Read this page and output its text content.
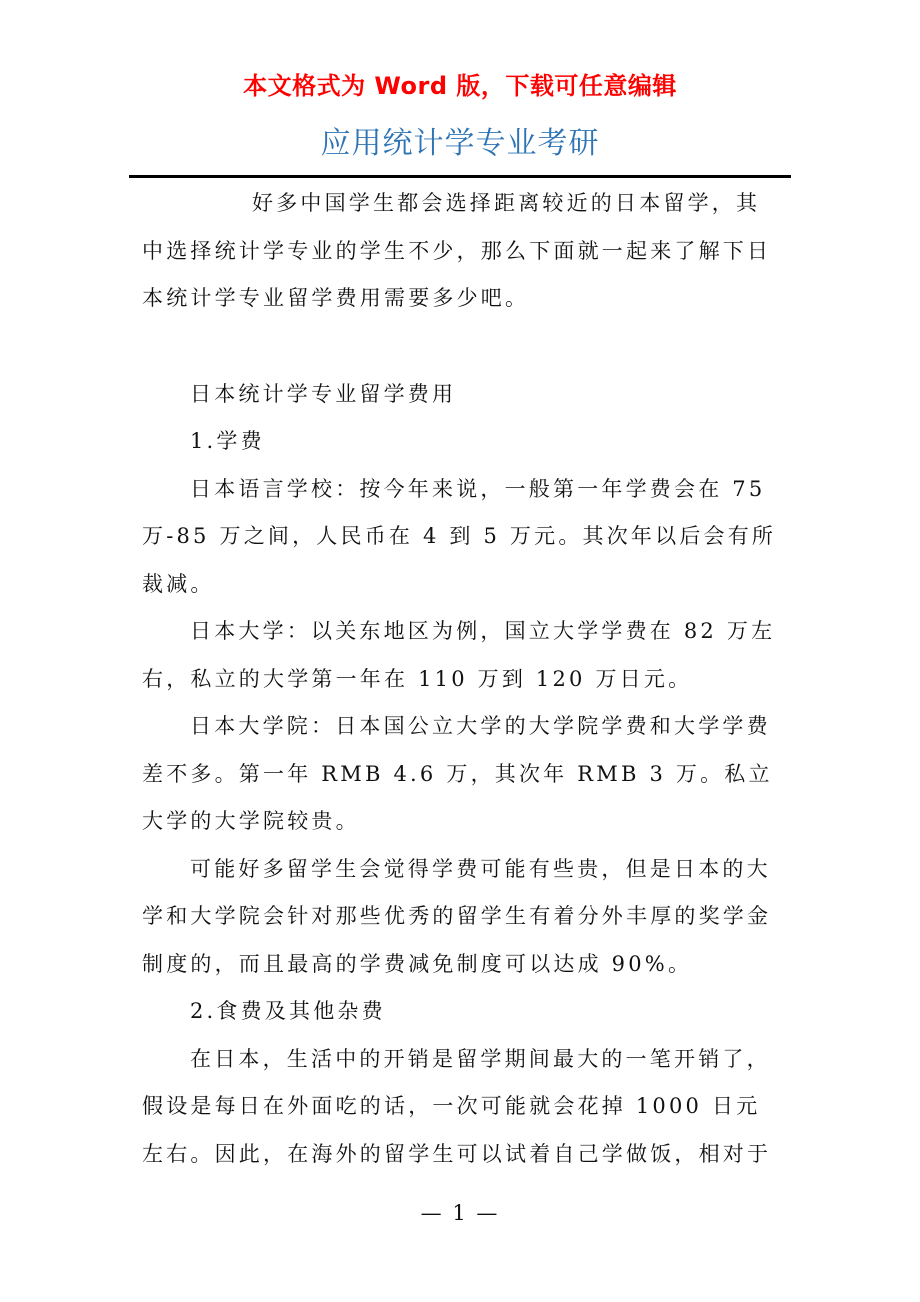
本文格式为 Word 版，下载可任意编辑
应用统计学专业考研

好多中国学生都会选择距离较近的日本留学，其中选择统计学专业的学生不少，那么下面就一起来了解下日本统计学专业留学费用需要多少吧。

日本统计学专业留学费用

1.学费

日本语言学校：按今年来说，一般第一年学费会在 75 万-85 万之间，人民币在 4 到 5 万元。其次年以后会有所裁减。

日本大学：以关东地区为例，国立大学学费在 82 万左右，私立的大学第一年在 110 万到 120 万日元。

日本大学院：日本国公立大学的大学院学费和大学学费差不多。第一年 RMB 4.6 万，其次年 RMB 3 万。私立大学的大学院较贵。

可能好多留学生会觉得学费可能有些贵，但是日本的大学和大学院会针对那些优秀的留学生有着分外丰厚的奖学金制度的，而且最高的学费减免制度可以达成 90%。

2.食费及其他杂费

在日本，生活中的开销是留学期间最大的一笔开销了，假设是每日在外面吃的话，一次可能就会花掉 1000 日元左右。因此，在海外的留学生可以试着自己学做饭，相对于

— 1 —
